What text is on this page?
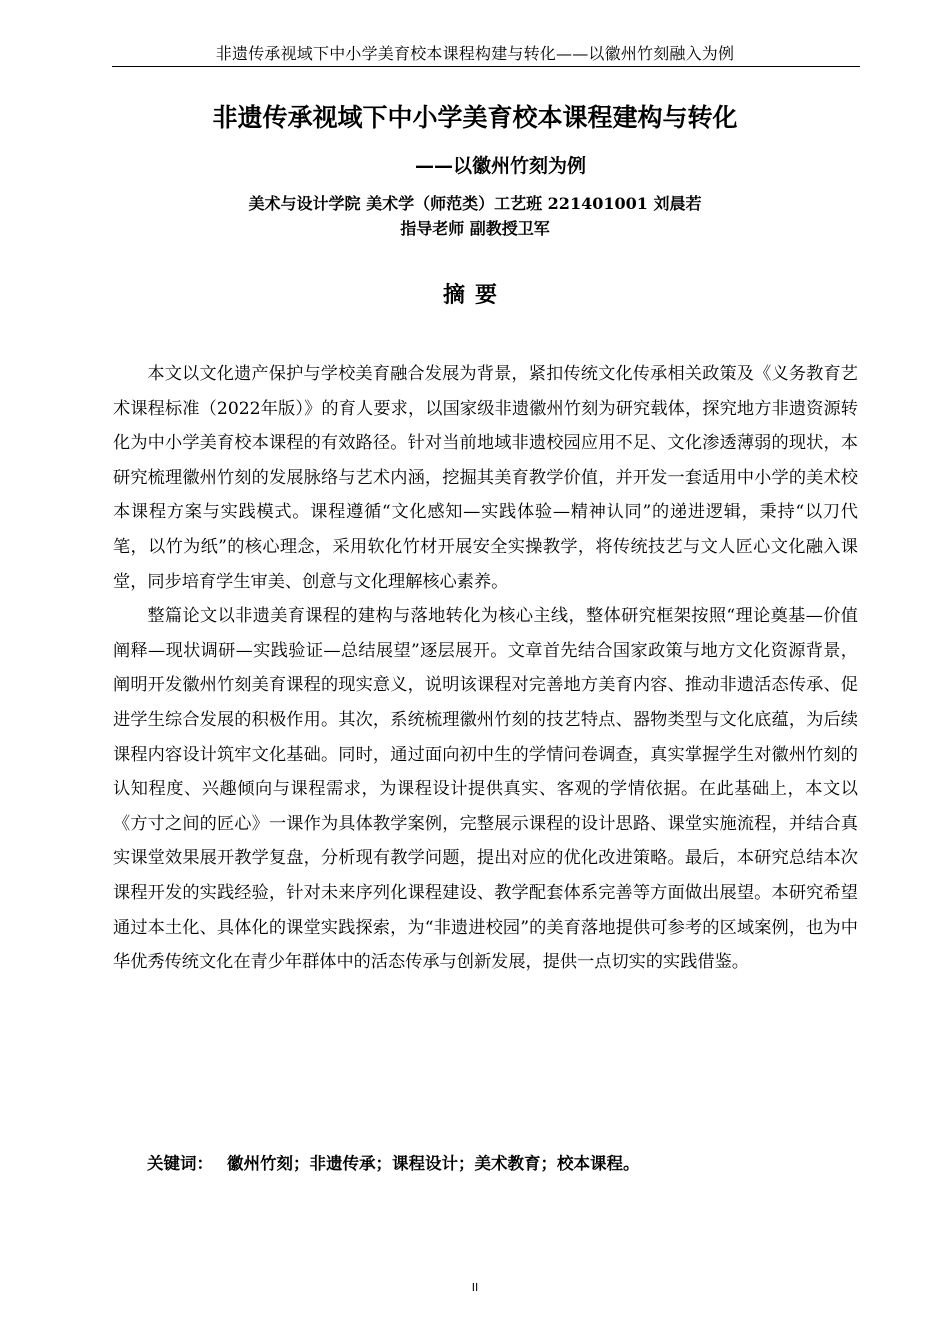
非遗传承视域下中小学美育校本课程构建与转化——以徽州竹刻融入为例
非遗传承视域下中小学美育校本课程建构与转化
——以徽州竹刻为例
美术与设计学院 美术学（师范类）工艺班 221401001 刘晨若
指导老师 副教授卫军
摘要

本文以文化遗产保护与学校美育融合发展为背景，紧扣传统文化传承相关政策及《义务教育艺术课程标准（2022年版）》的育人要求，以国家级非遗徽州竹刻为研究载体，探究地方非遗资源转化为中小学美育校本课程的有效路径。针对当前地域非遗校园应用不足、文化渗透薄弱的现状，本研究梳理徽州竹刻的发展脉络与艺术内涵，挖掘其美育教学价值，并开发一套适用中小学的美术校本课程方案与实践模式。课程遵循“文化感知—实践体验—精神认同”的递进逻辑，秉持“以刀代笔，以竹为纸”的核心理念，采用软化竹材开展安全实操教学，将传统技艺与文人匠心文化融入课堂，同步培育学生审美、创意与文化理解核心素养。

整篇论文以非遗美育课程的建构与落地转化为核心主线，整体研究框架按照“理论奠基—价值阐释—现状调研—实践验证—总结展望”逐层展开。文章首先结合国家政策与地方文化资源背景，阐明开发徽州竹刻美育课程的现实意义，说明该课程对完善地方美育内容、推动非遗活态传承、促进学生综合发展的积极作用。其次，系统梳理徽州竹刻的技艺特点、器物类型与文化底蕴，为后续课程内容设计筑牢文化基础。同时，通过面向初中生的学情问卷调查，真实掌握学生对徽州竹刻的认知程度、兴趣倾向与课程需求，为课程设计提供真实、客观的学情依据。在此基础上，本文以《方寸之间的匠心》一课作为具体教学案例，完整展示课程的设计思路、课堂实施流程，并结合真实课堂效果展开教学复盘，分析现有教学问题，提出对应的优化改进策略。最后，本研究总结本次课程开发的实践经验，针对未来序列化课程建设、教学配套体系完善等方面做出展望。本研究希望通过本土化、具体化的课堂实践探索，为“非遗进校园”的美育落地提供可参考的区域案例，也为中华优秀传统文化在青少年群体中的活态传承与创新发展，提供一点切实的实践借鉴。

关键词： 徽州竹刻；非遗传承；课程设计；美术教育；校本课程。
II
